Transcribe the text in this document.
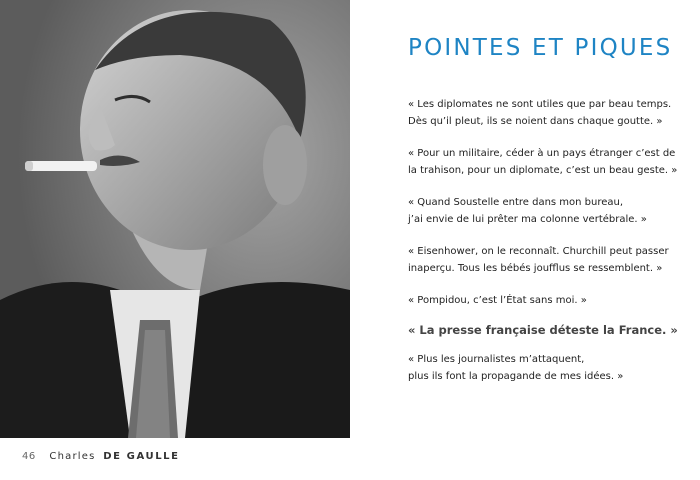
46 Charles DE GAULLE
POINTES ET PIQUES

« Les diplomates ne sont utiles que par beau temps.
Dès qu’il pleut, ils se noient dans chaque goutte. »

« Pour un militaire, céder à un pays étranger c’est de
la trahison, pour un diplomate, c’est un beau geste. »

« Quand Soustelle entre dans mon bureau,
j’ai envie de lui prêter ma colonne vertébrale. »

« Eisenhower, on le reconnaît. Churchill peut passer
inaperçu. Tous les bébés joufflus se ressemblent. »

« Pompidou, c’est l’État sans moi. »

« La presse française déteste la France. »

« Plus les journalistes m’attaquent,
plus ils font la propagande de mes idées. »
